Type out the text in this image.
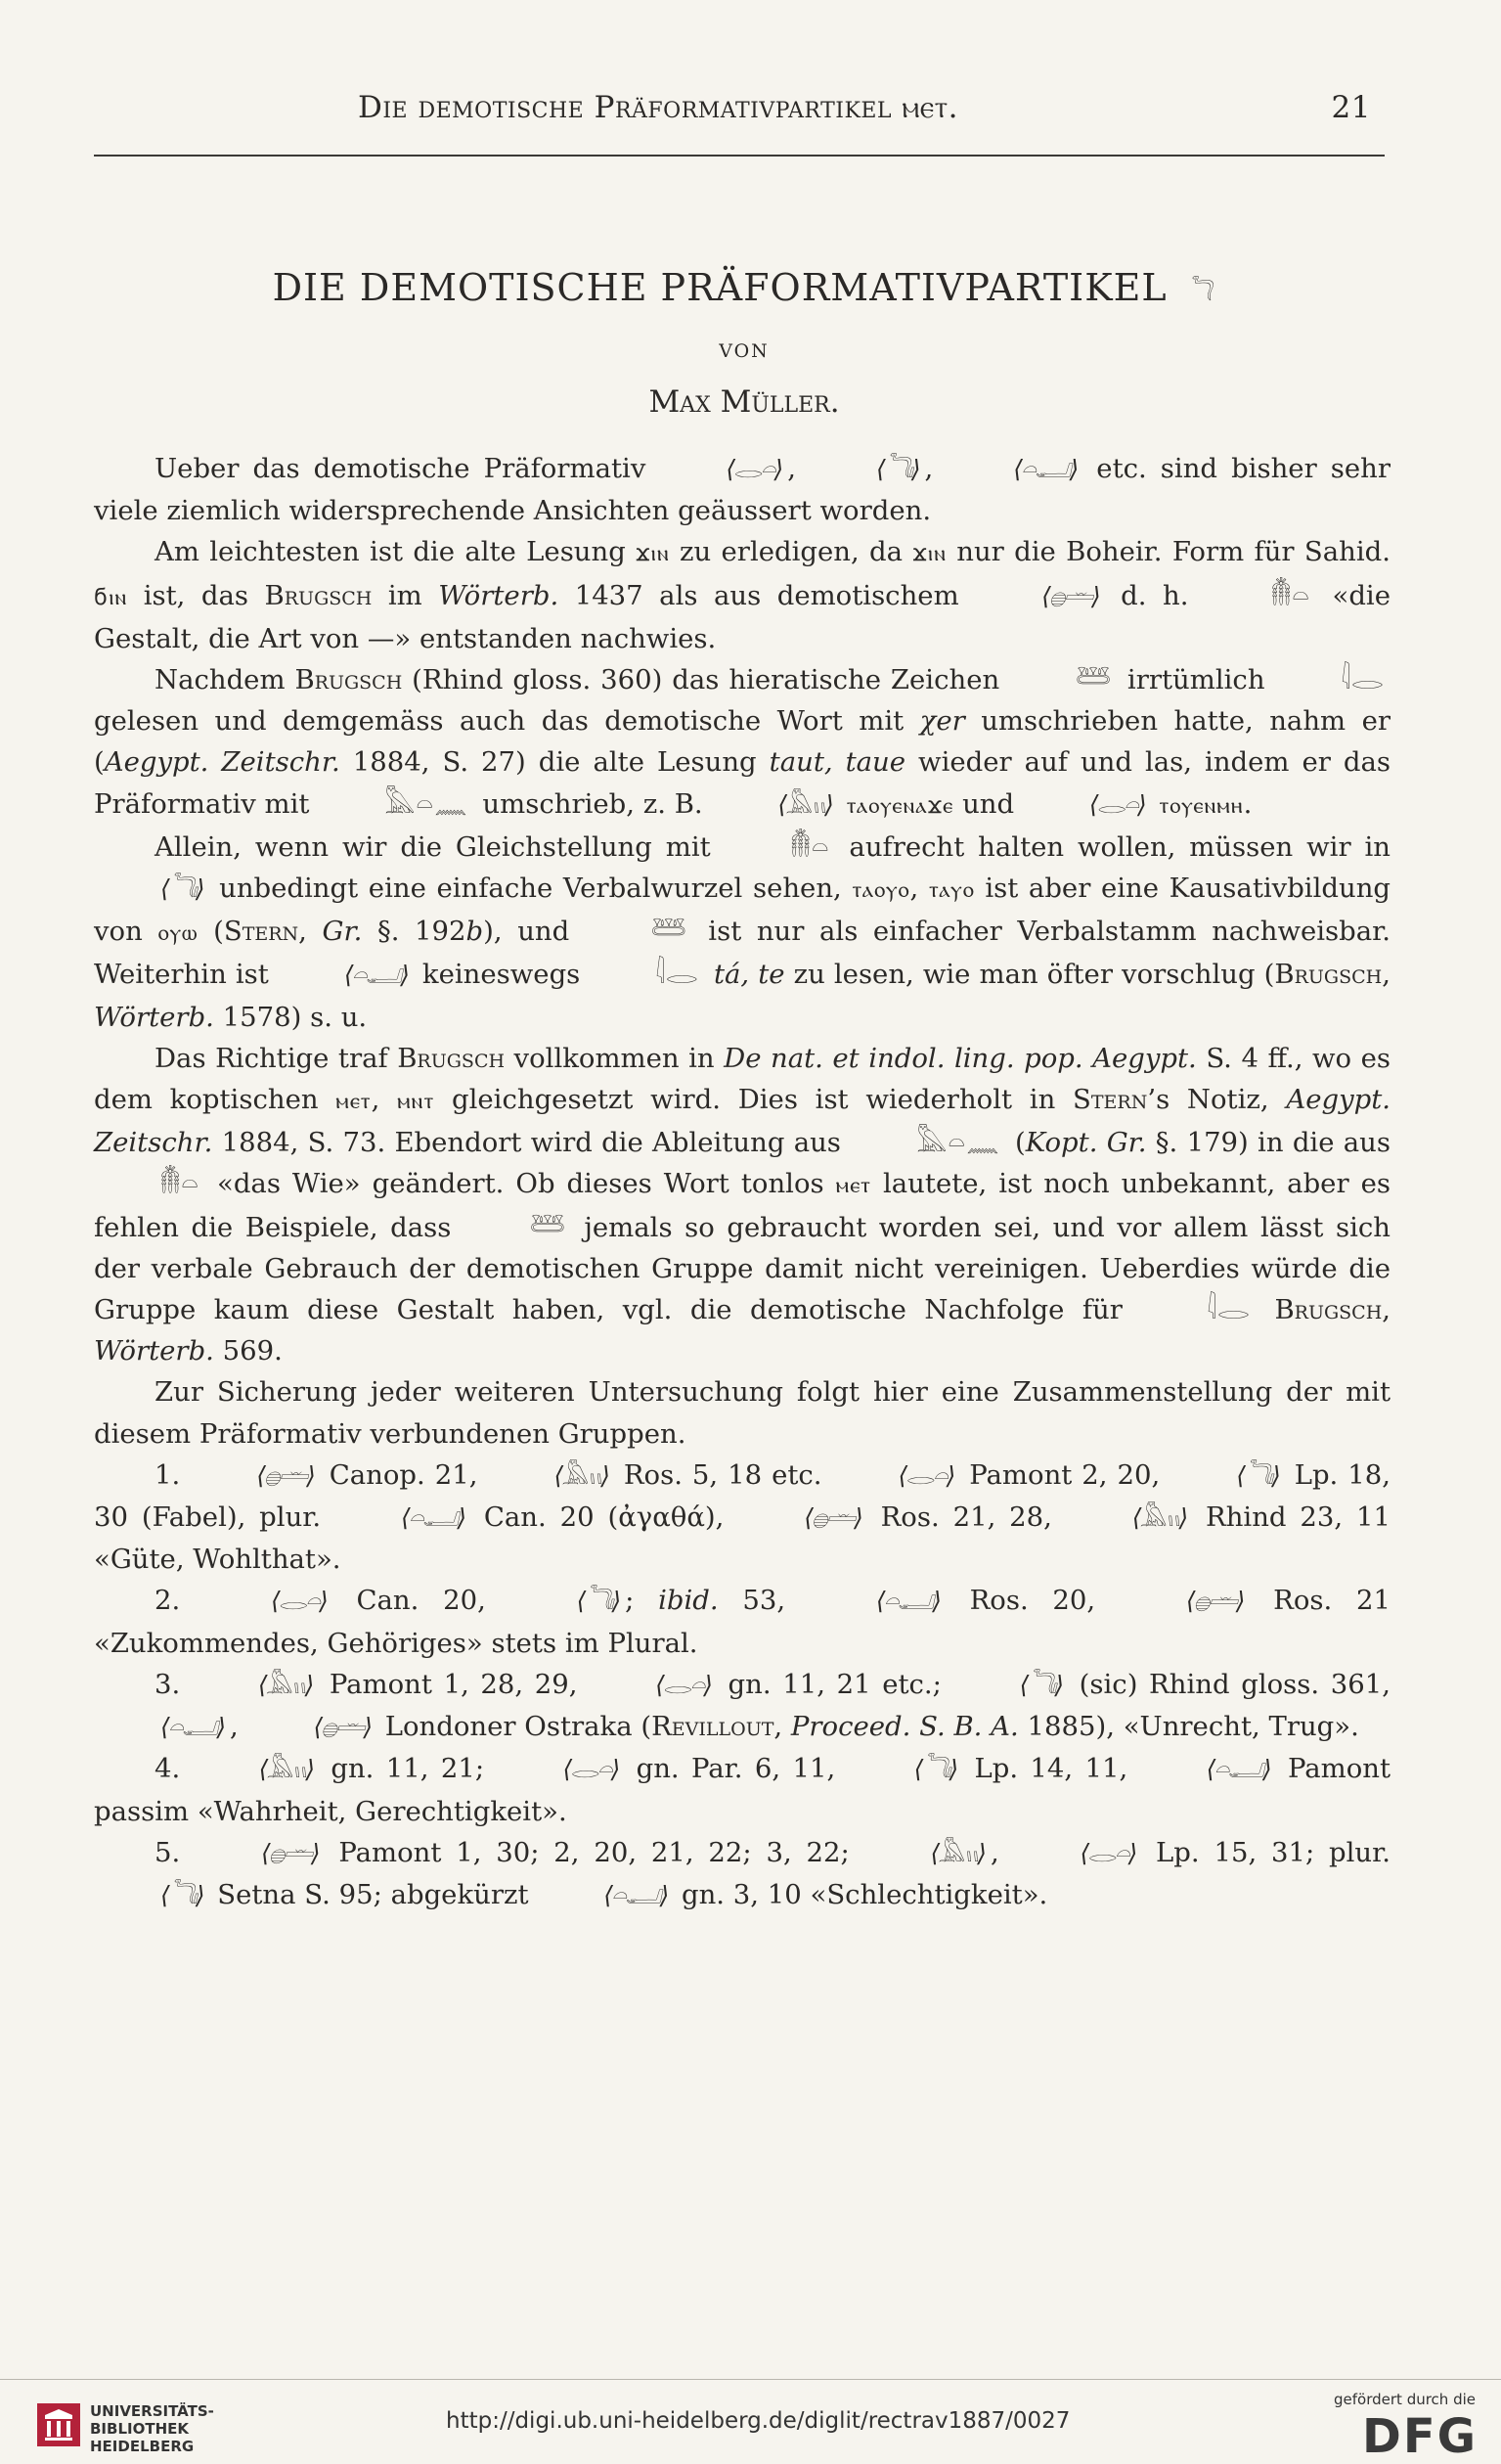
Die demotische Präformativpartikel ⲙⲉⲧ.	21
DIE DEMOTISCHE PRÄFORMATIVPARTIKEL 𓆓
VON
Max Müller.

Ueber das demotische Präformativ	⟨𓂋𓏏⟩ ,	⟨𓆓𓏤⟩ ,	⟨𓏏𓂝⟩ etc. sind bisher sehr viele ziemlich widersprechende Ansichten geäussert worden.

Am leichtesten ist die alte Lesung ϫⲓⲛ zu erledigen, da ϫⲓⲛ nur die Boheir. Form für Sahid. ϭⲓⲛ ist, das Brugsch im Wörterb. 1437 als aus demotischem	⟨𓐍𓏛⟩ d. h. 𓄟𓏏 «die Gestalt, die Art von —» entstanden nachwies.

Nachdem Brugsch (Rhind gloss. 360) das hieratische Zeichen 𓆷 irrtümlich 𓇋𓂋 gelesen und demgemäss auch das demotische Wort mit χer umschrieben hatte, nahm er (Aegypt. Zeitschr. 1884, S. 27) die alte Lesung taut, taue wieder auf und las, indem er das Präformativ mit 𓅓𓏏𓈖 umschrieb, z. B.	⟨𓅓𓏭⟩ ⲧⲁⲟⲩⲉⲛⲁϫⲉ und	⟨𓂋𓏏⟩ ⲧⲟⲩⲉⲛⲙⲏ.

Allein, wenn wir die Gleichstellung mit 𓄟𓏏 aufrecht halten wollen, müssen wir in ⟨𓆓𓏤⟩ unbedingt eine einfache Verbalwurzel sehen, ⲧⲁⲟⲩⲟ, ⲧⲁⲩⲟ ist aber eine Kausativbildung von ⲟⲩⲱ (Stern, Gr. §. 192b), und 𓆷 ist nur als einfacher Verbalstamm nachweisbar. Weiterhin ist	⟨𓏏𓂝⟩ keineswegs 𓇋𓂋 tá, te zu lesen, wie man öfter vorschlug (Brugsch, Wörterb. 1578) s. u.

Das Richtige traf Brugsch vollkommen in De nat. et indol. ling. pop. Aegypt. S. 4 ff., wo es dem koptischen ⲙⲉⲧ, ⲙⲛⲧ gleichgesetzt wird. Dies ist wiederholt in Stern’s Notiz, Aegypt. Zeitschr. 1884, S. 73. Ebendort wird die Ableitung aus 𓅓𓏏𓈖 (Kopt. Gr. §. 179) in die aus 𓄟𓏏 «das Wie» geändert. Ob dieses Wort tonlos ⲙⲉⲧ lautete, ist noch unbekannt, aber es fehlen die Beispiele, dass 𓆷 jemals so gebraucht worden sei, und vor allem lässt sich der verbale Gebrauch der demotischen Gruppe damit nicht vereinigen. Ueberdies würde die Gruppe kaum diese Gestalt haben, vgl. die demotische Nachfolge für 𓇋𓂋 Brugsch, Wörterb. 569.

Zur Sicherung jeder weiteren Untersuchung folgt hier eine Zusammenstellung der mit diesem Präformativ verbundenen Gruppen.

1.	⟨𓐍𓏛⟩ Canop. 21,	⟨𓅓𓏭⟩ Ros. 5, 18 etc.	⟨𓂋𓏏⟩ Pamont 2, 20,	⟨𓆓𓏤⟩ Lp. 18, 30 (Fabel), plur.	⟨𓏏𓂝⟩ Can. 20 (ἀγαθά),	⟨𓐍𓏛⟩ Ros. 21, 28,	⟨𓅓𓏭⟩ Rhind 23, 11 «Güte, Wohlthat».

2.	⟨𓂋𓏏⟩ Can. 20,	⟨𓆓𓏤⟩ ; ibid. 53,	⟨𓏏𓂝⟩ Ros. 20,	⟨𓐍𓏛⟩ Ros. 21 «Zukommendes, Gehöriges» stets im Plural.

3.	⟨𓅓𓏭⟩ Pamont 1, 28, 29,	⟨𓂋𓏏⟩ gn. 11, 21 etc.;	⟨𓆓𓏤⟩ (sic) Rhind gloss. 361, ⟨𓏏𓂝⟩ ,	⟨𓐍𓏛⟩ Londoner Ostraka (Revillout, Proceed. S. B. A. 1885), «Unrecht, Trug».

4.	⟨𓅓𓏭⟩ gn. 11, 21;	⟨𓂋𓏏⟩ gn. Par. 6, 11,	⟨𓆓𓏤⟩ Lp. 14, 11,	⟨𓏏𓂝⟩ Pamont passim «Wahrheit, Gerechtigkeit».

5.	⟨𓐍𓏛⟩ Pamont 1, 30; 2, 20, 21, 22; 3, 22;	⟨𓅓𓏭⟩ ,	⟨𓂋𓏏⟩ Lp. 15, 31; plur. ⟨𓆓𓏤⟩ Setna S. 95; abgekürzt	⟨𓏏𓂝⟩ gn. 3, 10 «Schlechtigkeit».

UNIVERSITÄTS-
BIBLIOTHEK
HEIDELBERG
http://digi.ub.uni-heidelberg.de/diglit/rectrav1887/0027
gefördert durch die
DFG
